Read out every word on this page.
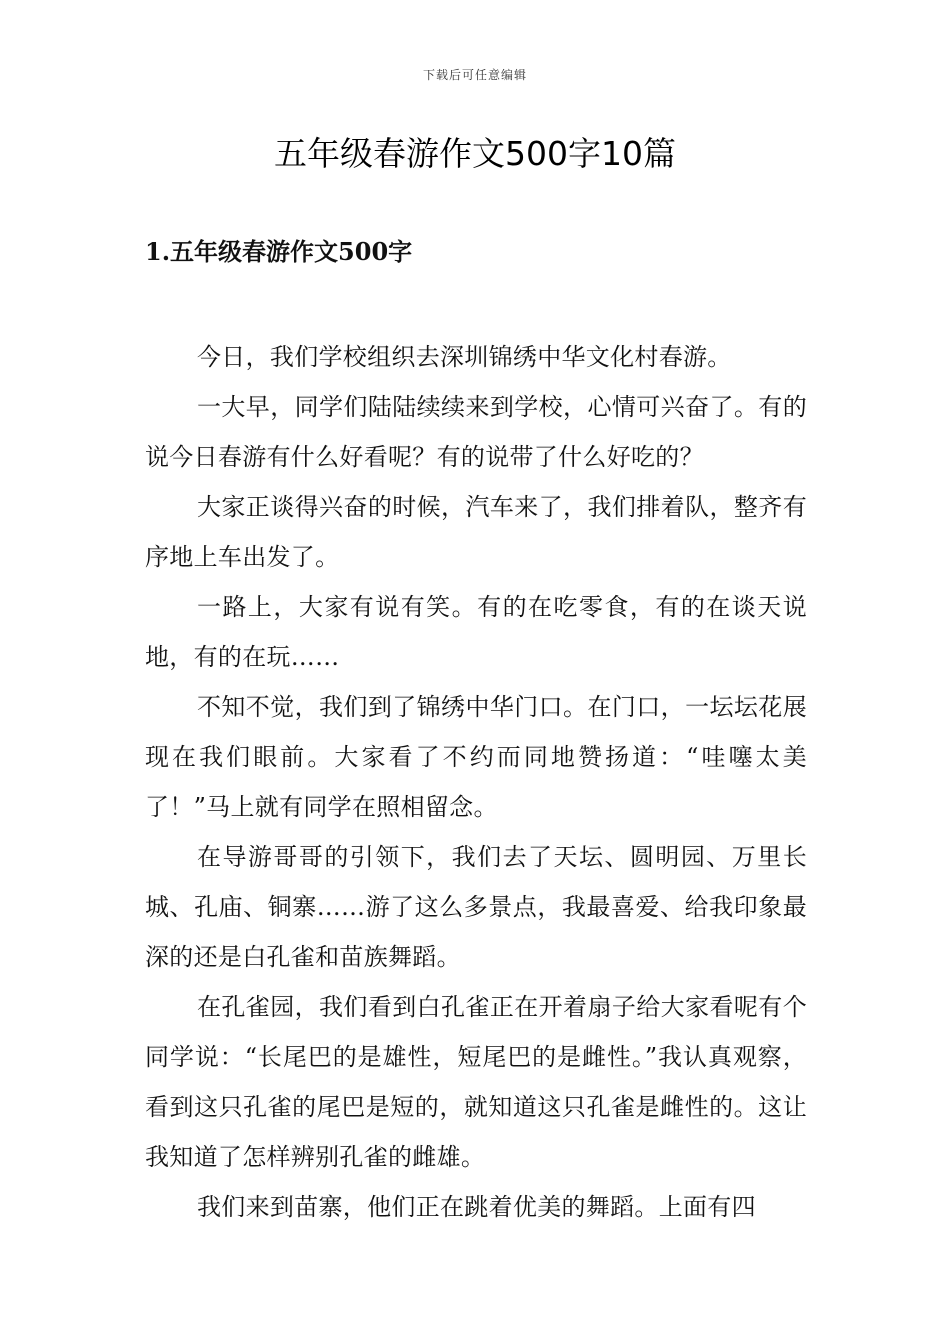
下载后可任意编辑
五年级春游作文500字10篇
1.五年级春游作文500字

今日，我们学校组织去深圳锦绣中华文化村春游。

一大早，同学们陆陆续续来到学校，心情可兴奋了。有的说今日春游有什么好看呢？有的说带了什么好吃的？

大家正谈得兴奋的时候，汽车来了，我们排着队，整齐有序地上车出发了。

一路上，大家有说有笑。有的在吃零食，有的在谈天说地，有的在玩……

不知不觉，我们到了锦绣中华门口。在门口，一坛坛花展现在我们眼前。大家看了不约而同地赞扬道：“哇噻太美了！”马上就有同学在照相留念。

在导游哥哥的引领下，我们去了天坛、圆明园、万里长城、孔庙、铜寨……游了这么多景点，我最喜爱、给我印象最深的还是白孔雀和苗族舞蹈。

在孔雀园，我们看到白孔雀正在开着扇子给大家看呢有个同学说：“长尾巴的是雄性，短尾巴的是雌性。”我认真观察，看到这只孔雀的尾巴是短的，就知道这只孔雀是雌性的。这让我知道了怎样辨别孔雀的雌雄。

我们来到苗寨，他们正在跳着优美的舞蹈。上面有四
